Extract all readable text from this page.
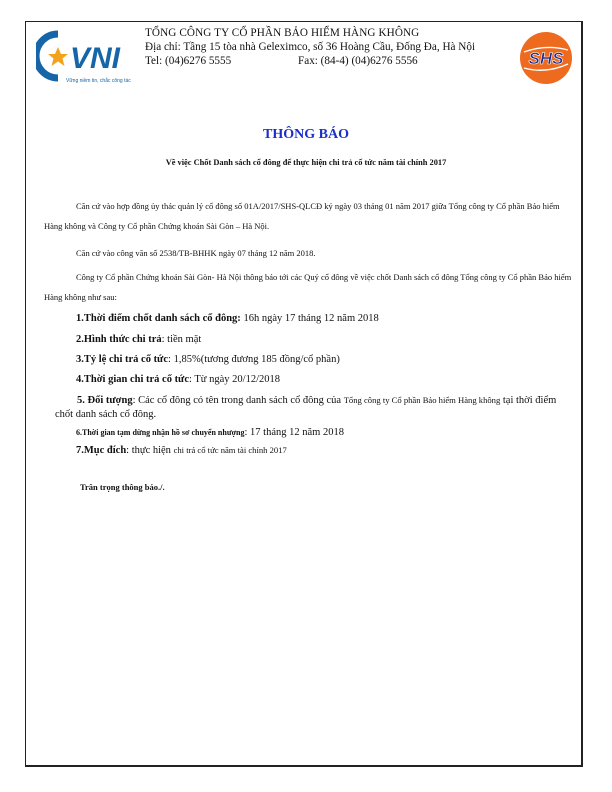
VNI
Vững niềm tin, chắc công tác
SHS
TỔNG CÔNG TY CỔ PHẦN BẢO HIỂM HÀNG KHÔNG
Địa chỉ: Tầng 15 tòa nhà Geleximco, số 36 Hoàng Cầu, Đống Đa, Hà Nội
Tel: (04)6276 5555	Fax: (84-4) (04)6276 5556
THÔNG BÁO
Về việc Chốt Danh sách cổ đông để thực hiện chi trả cổ tức năm tài chính 2017
Căn cứ vào hợp đồng ủy thác quản lý cổ đông số 01A/2017/SHS-QLCĐ ký ngày 03 tháng 01 năm 2017 giữa Tổng công ty Cổ phần Bảo hiểm Hàng không và Công ty Cổ phần Chứng khoán Sài Gòn – Hà Nội.
Căn cứ vào công văn số 2538/TB-BHHK ngày 07 tháng 12 năm 2018.
Công ty Cổ phần Chứng khoán Sài Gòn- Hà Nội thông báo tới các Quý cổ đông về việc chốt Danh sách cổ đông Tổng công ty Cổ phần Bảo hiểm Hàng không như sau:
1.Thời điểm chốt danh sách cổ đông: 16h ngày 17 tháng 12 năm 2018
2.Hình thức chi trả: tiền mặt
3.Tỷ lệ chi trả cổ tức: 1,85%(tương đương 185 đồng/cổ phần)
4.Thời gian chi trả cổ tức: Từ ngày 20/12/2018
5. Đối tượng: Các cổ đông có tên trong danh sách cổ đông của Tổng công ty Cổ phần Bảo hiểm Hàng không tại thời điểm chốt danh sách cổ đông.
6.Thời gian tạm dừng nhận hồ sơ chuyển nhượng: 17 tháng 12 năm 2018
7.Mục đích: thực hiện chi trả cổ tức năm tài chính 2017
Trân trọng thông báo./.
